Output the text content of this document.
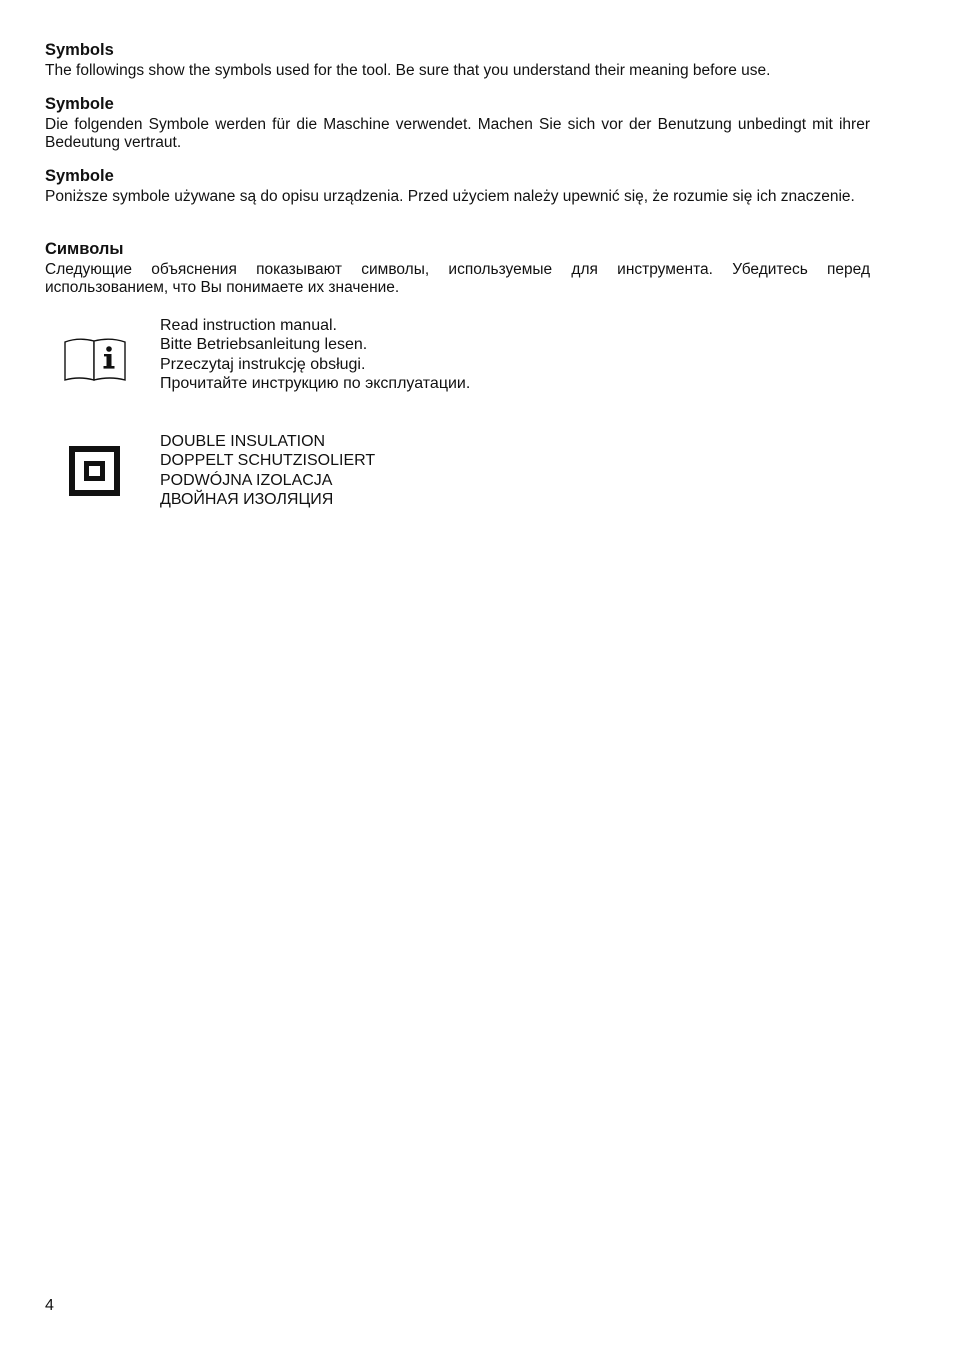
Symbols

The followings show the symbols used for the tool. Be sure that you understand their meaning before use.

Symbole

Die folgenden Symbole werden für die Maschine verwendet. Machen Sie sich vor der Benutzung unbedingt mit ihrer Bedeutung vertraut.

Symbole

Poniższe symbole używane są do opisu urządzenia. Przed użyciem należy upewnić się, że rozumie się ich znaczenie.

Символы

Следующие объяснения показывают символы, используемые для инструмента. Убедитесь перед использованием, что Вы понимаете их значение.

Read instruction manual.
Bitte Betriebsanleitung lesen.
Przeczytaj instrukcję obsługi.
Прочитайте инструкцию по эксплуатации.
DOUBLE INSULATION
DOPPELT SCHUTZISOLIERT
PODWÓJNA IZOLACJA
ДВОЙНАЯ ИЗОЛЯЦИЯ
4
